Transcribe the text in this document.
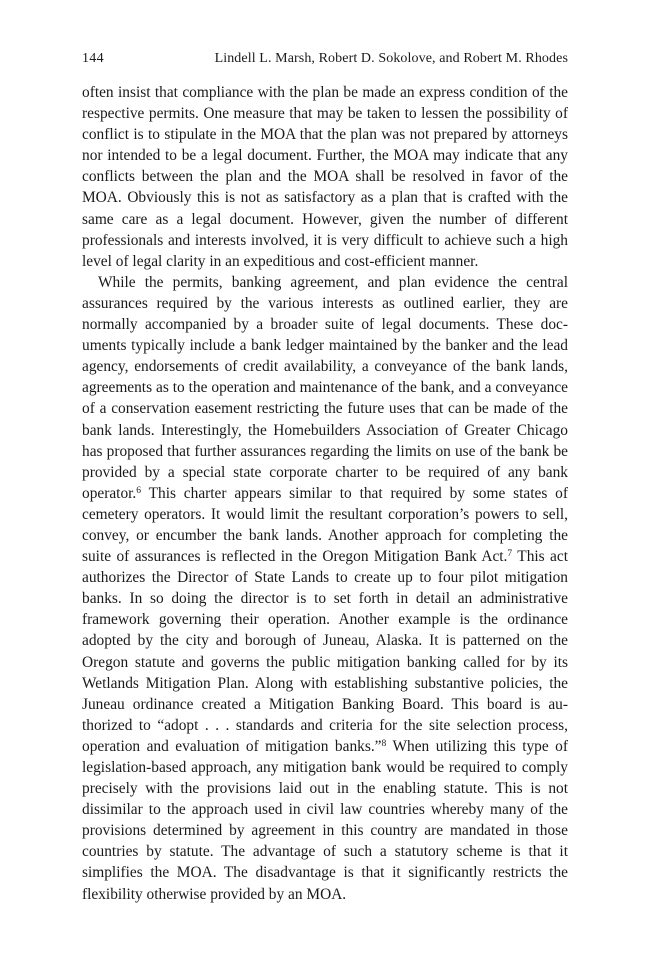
144	Lindell L. Marsh, Robert D. Sokolove, and Robert M. Rhodes

often insist that compliance with the plan be made an express condition of the respective permits. One measure that may be taken to lessen the possibility of conflict is to stipulate in the MOA that the plan was not prepared by attorneys nor intended to be a legal document. Further, the MOA may indicate that any conflicts between the plan and the MOA shall be resolved in favor of the MOA. Obviously this is not as satisfactory as a plan that is crafted with the same care as a legal document. However, given the number of different professionals and interests involved, it is very difficult to achieve such a high level of legal clarity in an expeditious and cost-efficient manner.

While the permits, banking agreement, and plan evidence the central assurances required by the various interests as outlined earlier, they are normally accompanied by a broader suite of legal documents. These documents typically include a bank ledger maintained by the banker and the lead agency, endorsements of credit availability, a conveyance of the bank lands, agreements as to the operation and maintenance of the bank, and a conveyance of a conservation easement restricting the future uses that can be made of the bank lands. Interestingly, the Homebuilders Association of Greater Chicago has proposed that further assurances regarding the limits on use of the bank be provided by a special state corporate charter to be required of any bank operator.$^6$ This charter appears similar to that required by some states of cemetery operators. It would limit the resultant corporation’s powers to sell, convey, or encumber the bank lands. Another approach for completing the suite of assurances is reflected in the Oregon Mitigation Bank Act.$^7$ This act authorizes the Director of State Lands to create up to four pilot mitigation banks. In so doing the director is to set forth in detail an administrative framework governing their operation. Another example is the ordinance adopted by the city and borough of Juneau, Alaska. It is patterned on the Oregon statute and governs the public mitigation banking called for by its Wetlands Mitigation Plan. Along with establishing substantive policies, the Juneau ordinance created a Mitigation Banking Board. This board is authorized to “adopt . . . standards and criteria for the site selection process, operation and evaluation of mitigation banks.”$^8$ When utilizing this type of legislation-based approach, any mitigation bank would be required to comply precisely with the provisions laid out in the enabling statute. This is not dissimilar to the approach used in civil law countries whereby many of the provisions determined by agreement in this country are mandated in those countries by statute. The advantage of such a statutory scheme is that it simplifies the MOA. The disadvantage is that it significantly restricts the flexibility otherwise provided by an MOA.
